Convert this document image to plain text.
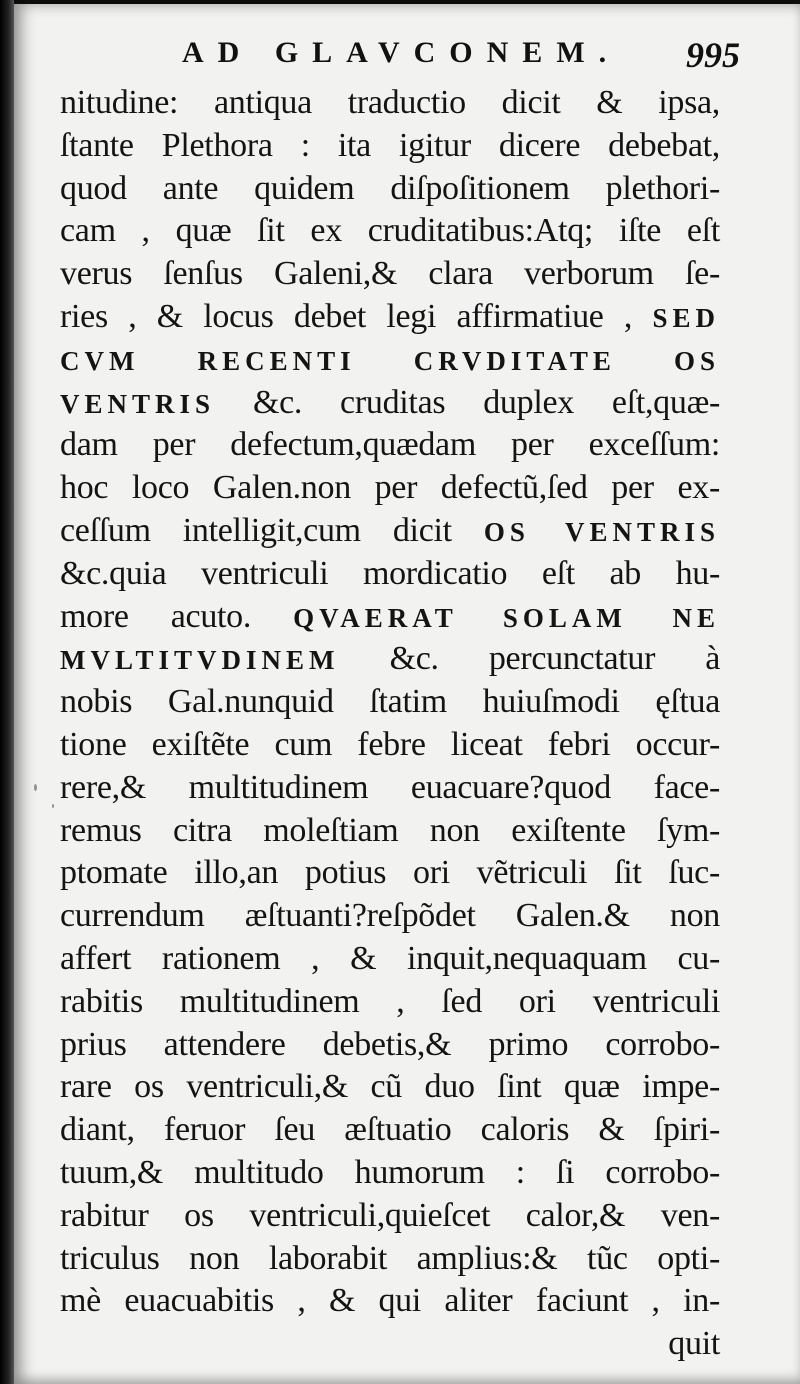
AD GLAVCONEM. 995
nitudine: antiqua traductio dicit & ipsa,
ſtante Plethora : ita igitur dicere debebat,
quod ante quidem diſpoſitionem plethori-
cam , quæ ſit ex cruditatibus:Atq; iſte eſt
verus ſenſus Galeni,& clara verborum ſe-
ries , & locus debet legi affirmatiue , SED
CVM RECENTI CRVDITATE OS
VENTRIS &c. cruditas duplex eſt,quæ-
dam per defectum,quædam per exceſſum:
hoc loco Galen.non per defectũ,ſed per ex-
ceſſum intelligit,cum dicit OS VENTRIS
&c.quia ventriculi mordicatio eſt ab hu-
more acuto. QVAERAT SOLAM NE
MVLTITVDINEM &c. percunctatur à
nobis Gal.nunquid ſtatim huiuſmodi ęſtua
tione exiſtẽte cum febre liceat febri occur-
rere,& multitudinem euacuare?quod face-
remus citra moleſtiam non exiſtente ſym-
ptomate illo,an potius ori vẽtriculi ſit ſuc-
currendum æſtuanti?reſpõdet Galen.& non
affert rationem , & inquit,nequaquam cu-
rabitis multitudinem , ſed ori ventriculi
prius attendere debetis,& primo corrobo-
rare os ventriculi,& cũ duo ſint quæ impe-
diant, feruor ſeu æſtuatio caloris & ſpiri-
tuum,& multitudo humorum : ſi corrobo-
rabitur os ventriculi,quieſcet calor,& ven-
triculus non laborabit amplius:& tũc opti-
mè euacuabitis , & qui aliter faciunt , in-
quit
